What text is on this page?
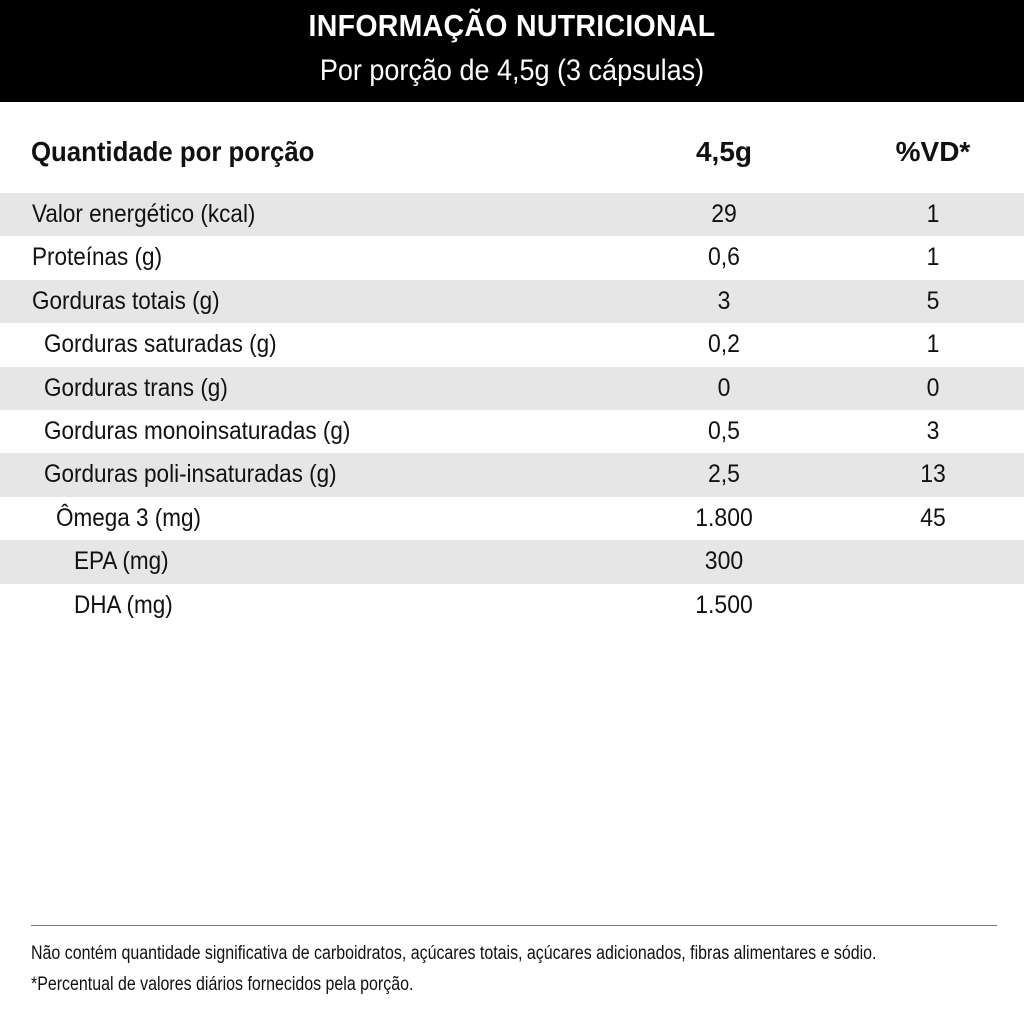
INFORMAÇÃO NUTRICIONAL
Por porção de 4,5g (3 cápsulas)
Quantidade por porção	4,5g	%VD*
Valor energético (kcal)	29	1
Proteínas (g)	0,6	1
Gorduras totais (g)	3	5
Gorduras saturadas (g)	0,2	1
Gorduras trans (g)	0	0
Gorduras monoinsaturadas (g)	0,5	3
Gorduras poli-insaturadas (g)	2,5	13
Ômega 3 (mg)	1.800	45
EPA (mg)	300
DHA (mg)	1.500
Não contém quantidade significativa de carboidratos, açúcares totais, açúcares adicionados, fibras alimentares e sódio.
*Percentual de valores diários fornecidos pela porção.
